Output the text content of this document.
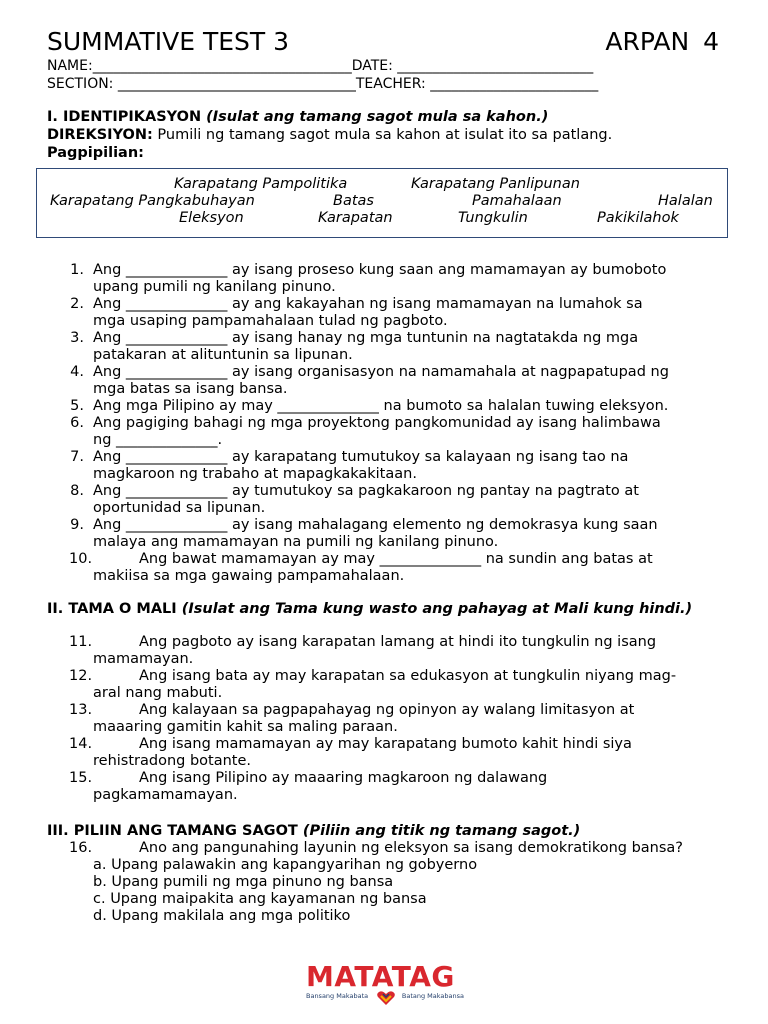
SUMMATIVE TEST 3	ARPAN 4
NAME:_____________________________________DATE: ____________________________
SECTION: __________________________________TEACHER: ________________________
I. IDENTIPIKASYON (Isulat ang tamang sagot mula sa kahon.)
DIREKSIYON: Pumili ng tamang sagot mula sa kahon at isulat ito sa patlang.
Pagpipilian:
Karapatang Pampolitika	Karapatang Panlipunan
Karapatang Pangkabuhayan	Batas	Pamahalaan	Halalan
Eleksyon	Karapatan	Tungkulin	Pakikilahok
1. Ang ______________ ay isang proseso kung saan ang mamamayan ay bumoboto
upang pumili ng kanilang pinuno.
2. Ang ______________ ay ang kakayahan ng isang mamamayan na lumahok sa
mga usaping pampamahalaan tulad ng pagboto.
3. Ang ______________ ay isang hanay ng mga tuntunin na nagtatakda ng mga
patakaran at alituntunin sa lipunan.
4. Ang ______________ ay isang organisasyon na namamahala at nagpapatupad ng
mga batas sa isang bansa.
5. Ang mga Pilipino ay may ______________ na bumoto sa halalan tuwing eleksyon.
6. Ang pagiging bahagi ng mga proyektong pangkomunidad ay isang halimbawa
ng ______________.
7. Ang ______________ ay karapatang tumutukoy sa kalayaan ng isang tao na
magkaroon ng trabaho at mapagkakakitaan.
8. Ang ______________ ay tumutukoy sa pagkakaroon ng pantay na pagtrato at
oportunidad sa lipunan.
9. Ang ______________ ay isang mahalagang elemento ng demokrasya kung saan
malaya ang mamamayan na pumili ng kanilang pinuno.
10.	Ang bawat mamamayan ay may ______________ na sundin ang batas at
makiisa sa mga gawaing pampamahalaan.
II. TAMA O MALI (Isulat ang Tama kung wasto ang pahayag at Mali kung hindi.)
11.	Ang pagboto ay isang karapatan lamang at hindi ito tungkulin ng isang
mamamayan.
12.	Ang isang bata ay may karapatan sa edukasyon at tungkulin niyang mag-
aral nang mabuti.
13.	Ang kalayaan sa pagpapahayag ng opinyon ay walang limitasyon at
maaaring gamitin kahit sa maling paraan.
14.	Ang isang mamamayan ay may karapatang bumoto kahit hindi siya
rehistradong botante.
15.	Ang isang Pilipino ay maaaring magkaroon ng dalawang
pagkamamamayan.
III. PILIIN ANG TAMANG SAGOT (Piliin ang titik ng tamang sagot.)
16.	Ano ang pangunahing layunin ng eleksyon sa isang demokratikong bansa?
a. Upang palawakin ang kapangyarihan ng gobyerno
b. Upang pumili ng mga pinuno ng bansa
c. Upang maipakita ang kayamanan ng bansa
d. Upang makilala ang mga politiko
MATATAG
Bansang Makabata	Batang Makabansa
